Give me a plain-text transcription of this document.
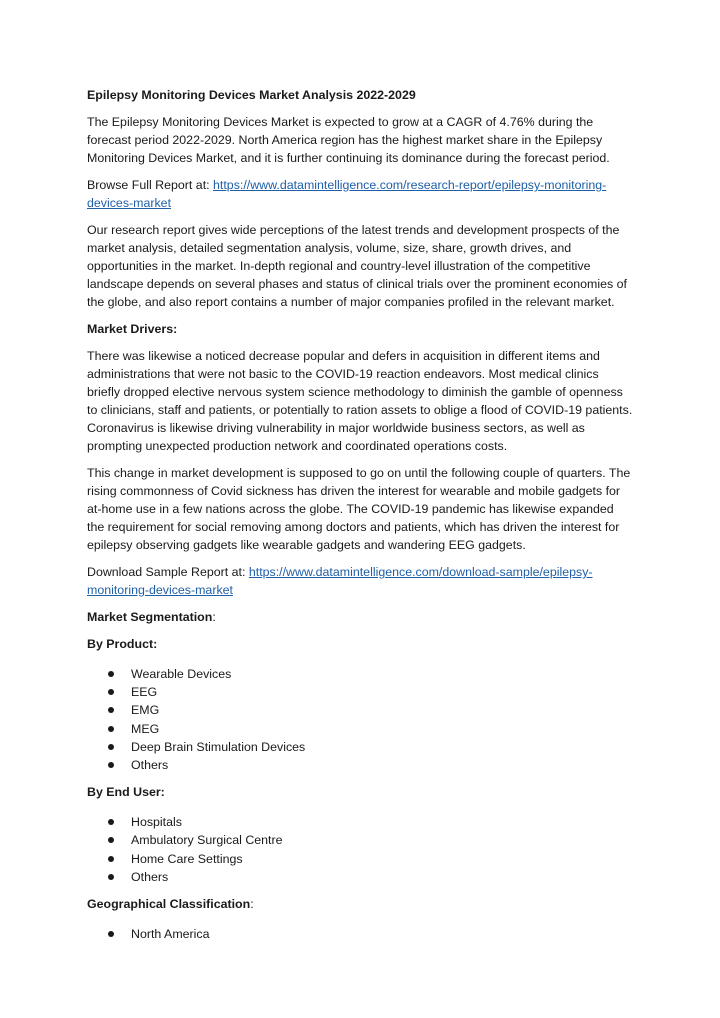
Epilepsy Monitoring Devices Market Analysis 2022-2029

The Epilepsy Monitoring Devices Market is expected to grow at a CAGR of 4.76% during the forecast period 2022-2029. North America region has the highest market share in the Epilepsy Monitoring Devices Market, and it is further continuing its dominance during the forecast period.

Browse Full Report at: https://www.datamintelligence.com/research-report/epilepsy-monitoring-devices-market

Our research report gives wide perceptions of the latest trends and development prospects of the market analysis, detailed segmentation analysis, volume, size, share, growth drives, and opportunities in the market. In-depth regional and country-level illustration of the competitive landscape depends on several phases and status of clinical trials over the prominent economies of the globe, and also report contains a number of major companies profiled in the relevant market.

Market Drivers:

There was likewise a noticed decrease popular and defers in acquisition in different items and administrations that were not basic to the COVID-19 reaction endeavors. Most medical clinics briefly dropped elective nervous system science methodology to diminish the gamble of openness to clinicians, staff and patients, or potentially to ration assets to oblige a flood of COVID-19 patients. Coronavirus is likewise driving vulnerability in major worldwide business sectors, as well as prompting unexpected production network and coordinated operations costs.

This change in market development is supposed to go on until the following couple of quarters. The rising commonness of Covid sickness has driven the interest for wearable and mobile gadgets for at-home use in a few nations across the globe. The COVID-19 pandemic has likewise expanded the requirement for social removing among doctors and patients, which has driven the interest for epilepsy observing gadgets like wearable gadgets and wandering EEG gadgets.

Download Sample Report at: https://www.datamintelligence.com/download-sample/epilepsy-monitoring-devices-market

Market Segmentation:

By Product:

Wearable Devices
EEG
EMG
MEG
Deep Brain Stimulation Devices
Others

By End User:

Hospitals
Ambulatory Surgical Centre
Home Care Settings
Others

Geographical Classification:

North America
